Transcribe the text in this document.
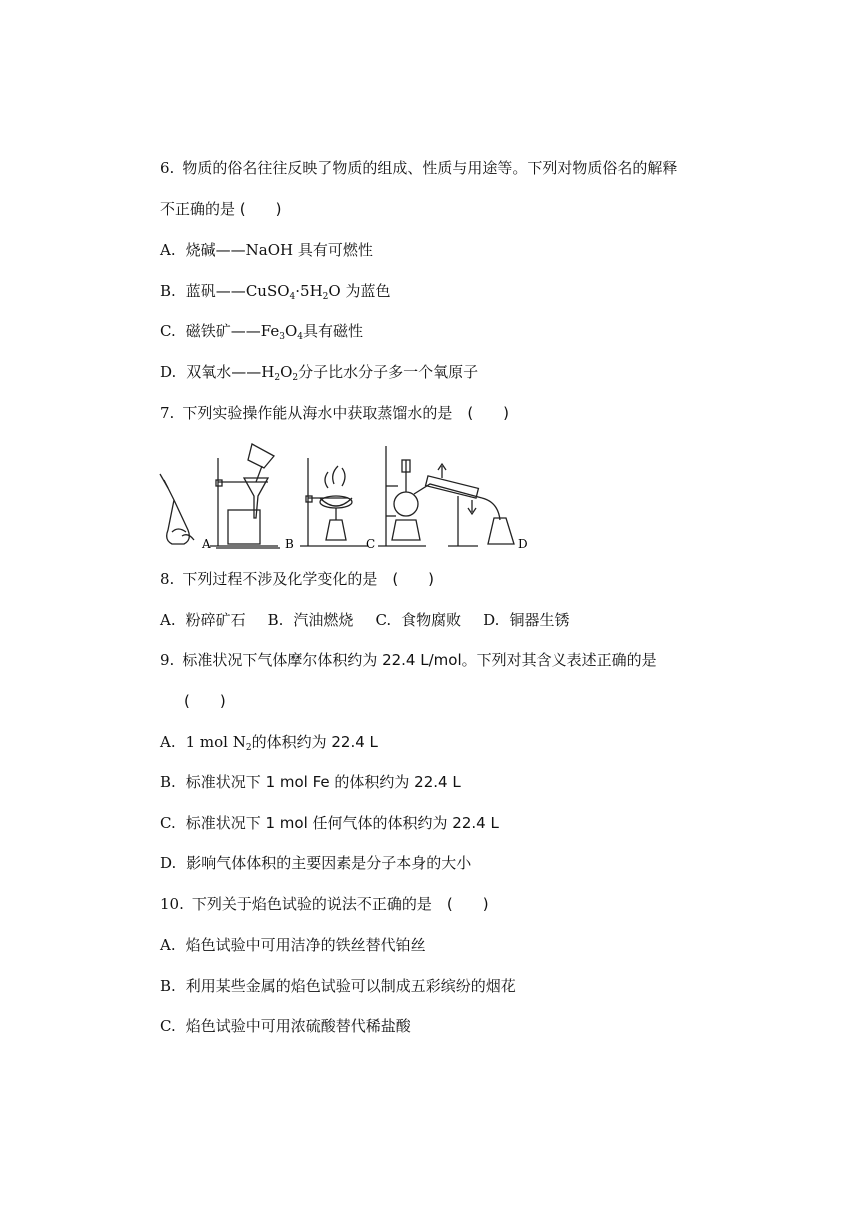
6. 物质的俗名往往反映了物质的组成、性质与用途等。下列对物质俗名的解释
不正确的是 (　　)
A. 烧碱——NaOH 具有可燃性
B. 蓝矾$——CuSO_4\cdot 5H_2O$ 为蓝色
C. 磁铁矿$——Fe_3O_4$具有磁性
D. 双氧水$——H_2O_2$分子比水分子多一个氧原子
7. 下列实验操作能从海水中获取蒸馏水的是　(　　)
A	B	C	D
8. 下列过程不涉及化学变化的是　(　　)
A. 粉碎矿石 B. 汽油燃烧 C. 食物腐败 D. 铜器生锈
9. 标准状况下气体摩尔体积约为 22.4 L/mol。下列对其含义表述正确的是
(　　)
A. 1 mol $N_2$的体积约为 22.4 L
B. 标准状况下 1 mol Fe 的体积约为 22.4 L
C. 标准状况下 1 mol 任何气体的体积约为 22.4 L
D. 影响气体体积的主要因素是分子本身的大小
10. 下列关于焰色试验的说法不正确的是　(　　)
A. 焰色试验中可用洁净的铁丝替代铂丝
B. 利用某些金属的焰色试验可以制成五彩缤纷的烟花
C. 焰色试验中可用浓硫酸替代稀盐酸
